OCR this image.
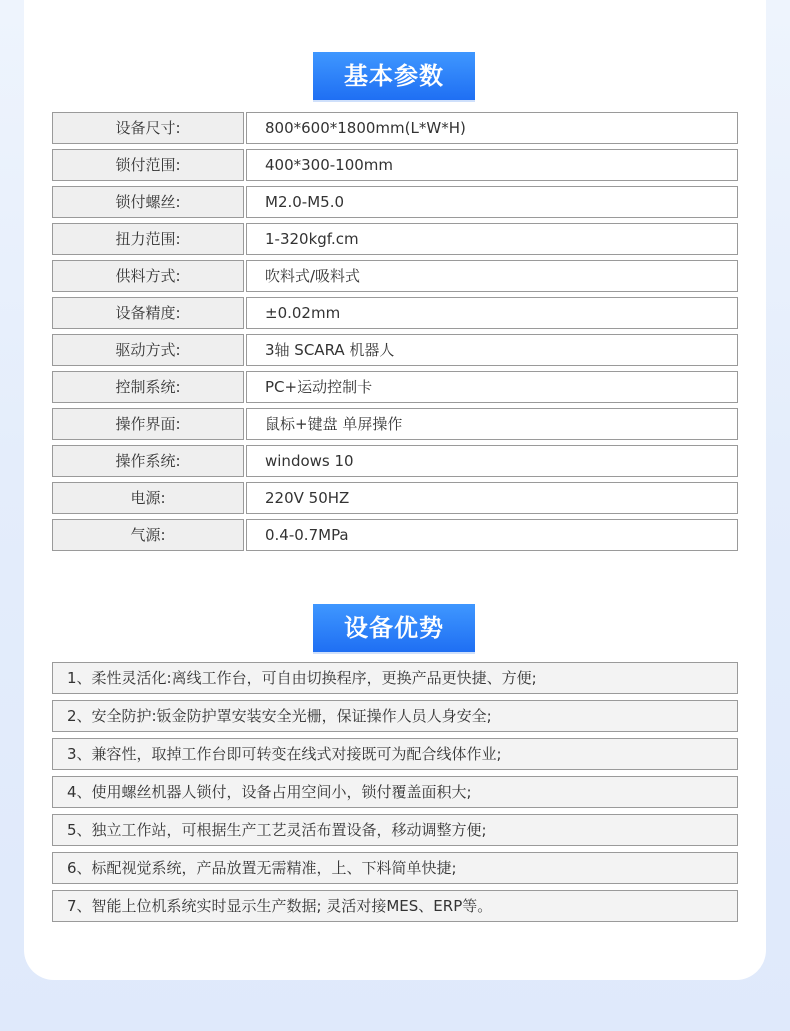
基本参数
设备尺寸:	800*600*1800mm(L*W*H)
锁付范围:	400*300-100mm
锁付螺丝:	M2.0-M5.0
扭力范围:	1-320kgf.cm
供料方式:	吹料式/吸料式
设备精度:	±0.02mm
驱动方式:	3轴 SCARA 机器人
控制系统:	PC+运动控制卡
操作界面:	鼠标+键盘 单屏操作
操作系统:	windows 10
电源:	220V 50HZ
气源:	0.4-0.7MPa
设备优势
1、柔性灵活化:离线工作台，可自由切换程序，更换产品更快捷、方便;
2、安全防护:钣金防护罩安装安全光栅，保证操作人员人身安全;
3、兼容性，取掉工作台即可转变在线式对接既可为配合线体作业;
4、使用螺丝机器人锁付，设备占用空间小，锁付覆盖面积大;
5、独立工作站，可根据生产工艺灵活布置设备，移动调整方便;
6、标配视觉系统，产品放置无需精准，上、下料简单快捷;
7、智能上位机系统实时显示生产数据; 灵活对接MES、ERP等。
